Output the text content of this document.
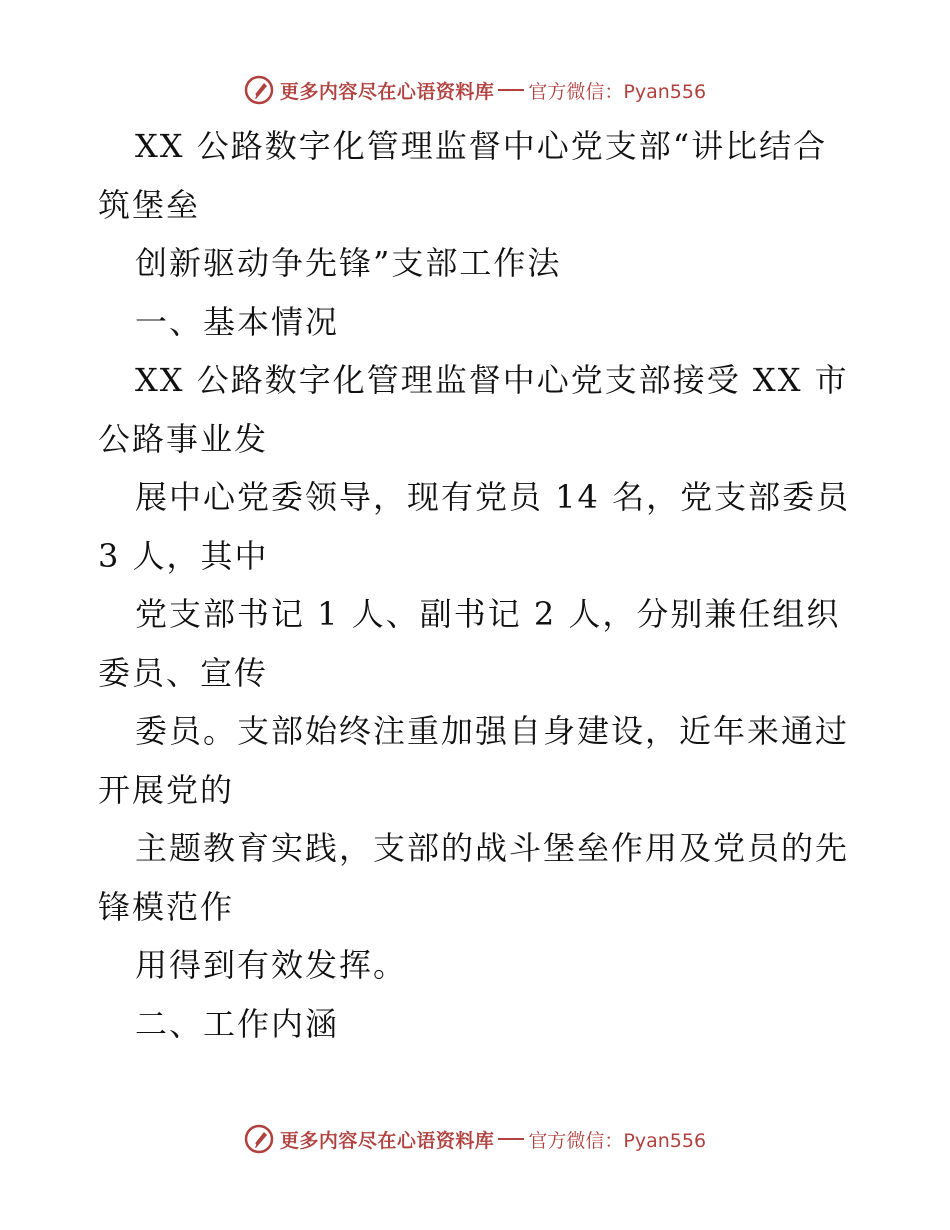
更多内容尽在心语资料库 官方微信：Pyan556
XX 公路数字化管理监督中心党支部“讲比结合
筑堡垒
创新驱动争先锋”支部工作法
一、基本情况
XX 公路数字化管理监督中心党支部接受 XX 市
公路事业发
展中心党委领导，现有党员 14 名，党支部委员
3 人，其中
党支部书记 1 人、副书记 2 人，分别兼任组织
委员、宣传
委员。支部始终注重加强自身建设，近年来通过
开展党的
主题教育实践，支部的战斗堡垒作用及党员的先
锋模范作
用得到有效发挥。
二、工作内涵
更多内容尽在心语资料库 官方微信：Pyan556
